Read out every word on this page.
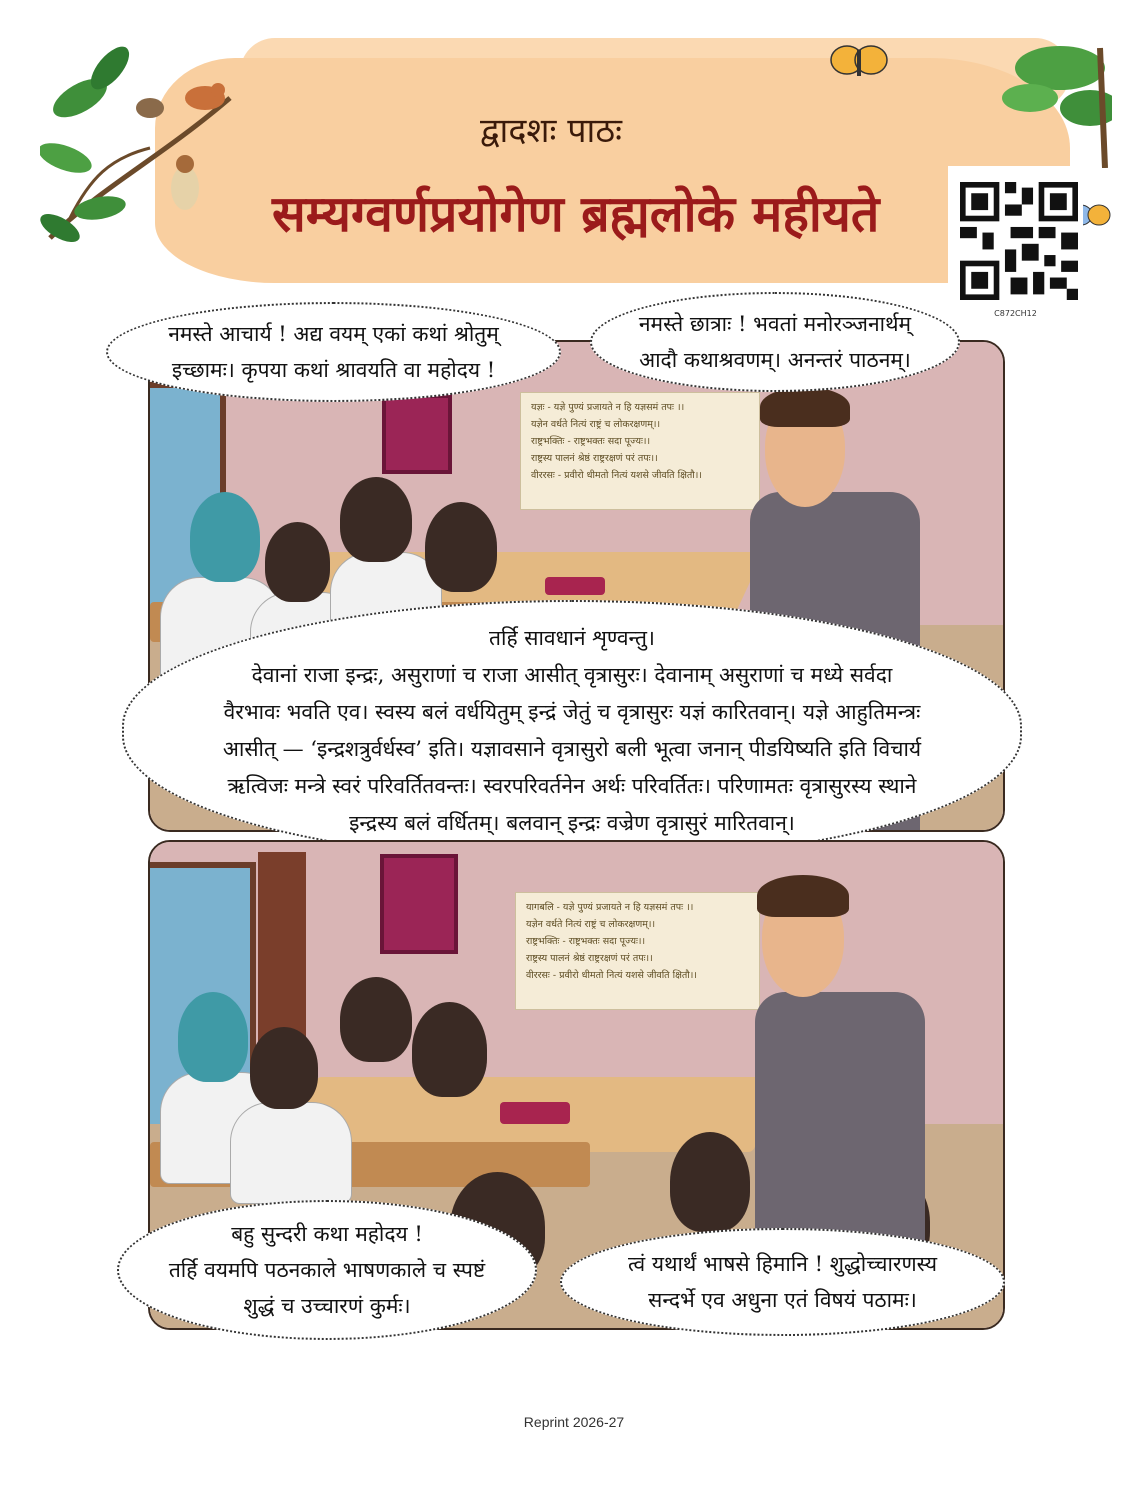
द्वादशः पाठः
सम्यग्वर्णप्रयोगेण ब्रह्मलोके महीयते
C872CH12
यज्ञः - यज्ञे पुण्यं प्रजायते न हि यज्ञसमं तपः ।।
यज्ञेन वर्धते नित्यं राष्ट्रं च लोकरक्षणम्।।
राष्ट्रभक्तिः - राष्ट्रभक्तः सदा पूज्यः।।
राष्ट्रस्य पालनं श्रेष्ठं राष्ट्ररक्षणं परं तपः।।
वीररसः - प्रवीरो धीमतो नित्यं यशसे जीवति क्षितौ।।
नमस्ते आचार्य ! अद्य वयम् एकां कथां श्रोतुम्
इच्छामः। कृपया कथां श्रावयति वा महोदय !
नमस्ते छात्राः ! भवतां मनोरञ्जनार्थम्
आदौ कथाश्रवणम्। अनन्तरं पाठनम्।
तर्हि सावधानं शृण्वन्तु।
देवानां राजा इन्द्रः, असुराणां च राजा आसीत् वृत्रासुरः। देवानाम् असुराणां च मध्ये सर्वदा
वैरभावः भवति एव। स्वस्य बलं वर्धयितुम् इन्द्रं जेतुं च वृत्रासुरः यज्ञं कारितवान्। यज्ञे आहुतिमन्त्रः
आसीत् — ‘इन्द्रशत्रुर्वर्धस्व’ इति। यज्ञावसाने वृत्रासुरो बली भूत्वा जनान् पीडयिष्यति इति विचार्य
ऋत्विजः मन्त्रे स्वरं परिवर्तितवन्तः। स्वरपरिवर्तनेन अर्थः परिवर्तितः। परिणामतः वृत्रासुरस्य स्थाने
इन्द्रस्य बलं वर्धितम्। बलवान् इन्द्रः वज्रेण वृत्रासुरं मारितवान्।
यागबलि - यज्ञे पुण्यं प्रजायते न हि यज्ञसमं तपः ।।
यज्ञेन वर्धते नित्यं राष्ट्रं च लोकरक्षणम्।।
राष्ट्रभक्तिः - राष्ट्रभक्तः सदा पूज्यः।।
राष्ट्रस्य पालनं श्रेष्ठं राष्ट्ररक्षणं परं तपः।।
वीररसः - प्रवीरो धीमतो नित्यं यशसे जीवति क्षितौ।।
बहु सुन्दरी कथा महोदय !
तर्हि वयमपि पठनकाले भाषणकाले च स्पष्टं
शुद्धं च उच्चारणं कुर्मः।
त्वं यथार्थं भाषसे हिमानि ! शुद्धोच्चारणस्य
सन्दर्भे एव अधुना एतं विषयं पठामः।
Reprint 2026-27
